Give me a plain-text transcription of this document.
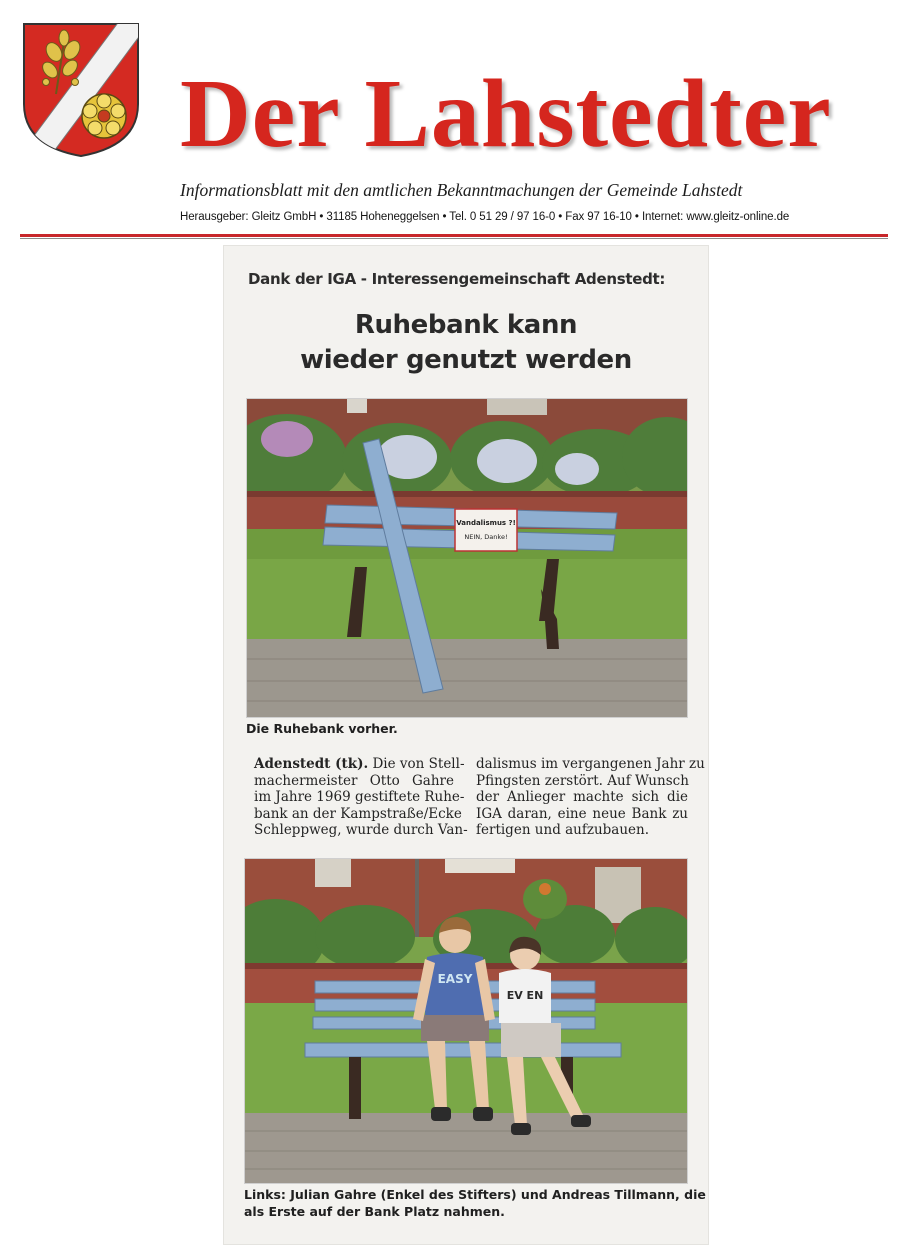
Der Lahstedter
Informationsblatt mit den amtlichen Bekanntmachungen der Gemeinde Lahstedt
Herausgeber: Gleitz GmbH • 31185 Hoheneggelsen • Tel. 0 51 29 / 97 16-0 • Fax 97 16-10 • Internet: www.gleitz-online.de
Dank der IGA - Interessengemeinschaft Adenstedt:
Ruhebank kann
wieder genutzt werden
Vandalismus ?!
NEIN, Danke!
Die Ruhebank vorher.
Adenstedt (tk). Die von Stell-
machermeister Otto Gahre
im Jahre 1969 gestiftete Ruhe-
bank an der Kampstraße/Ecke
Schleppweg, wurde durch Van-
dalismus im vergangenen Jahr zu
Pfingsten zerstört. Auf Wunsch
der Anlieger machte sich die
IGA daran, eine neue Bank zu
fertigen und aufzubauen.
EASY
EV EN
Links: Julian Gahre (Enkel des Stifters) und Andreas Tillmann, die
als Erste auf der Bank Platz nahmen.
